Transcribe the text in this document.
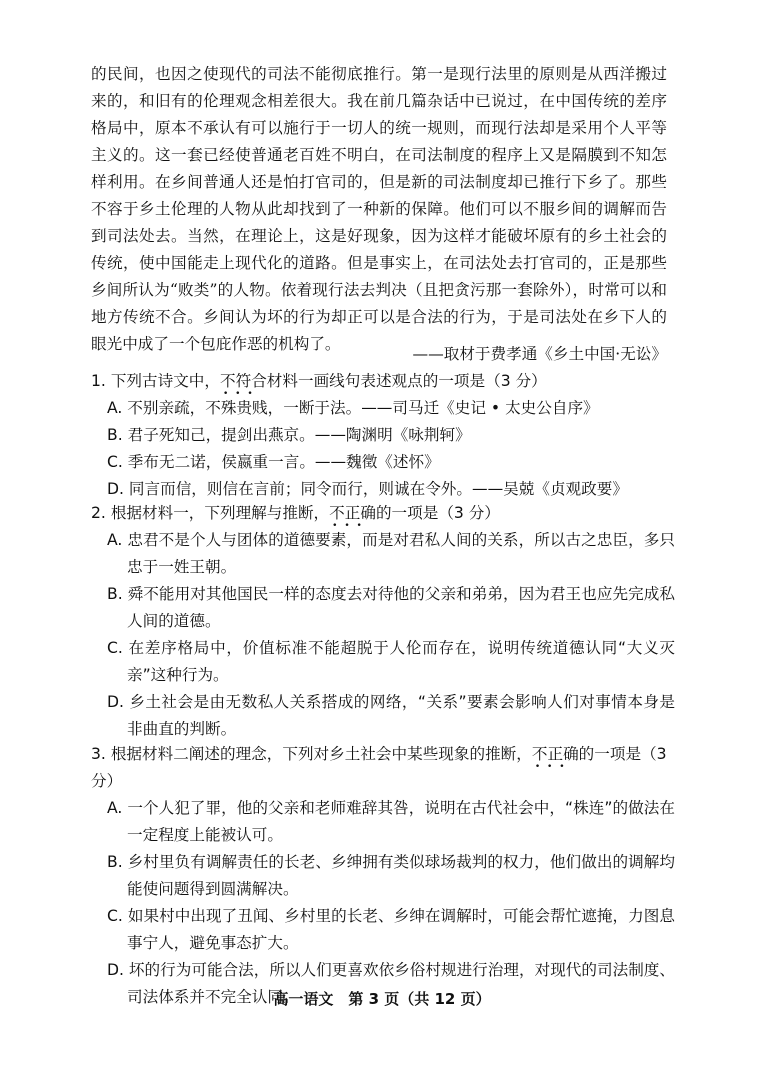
的民间，也因之使现代的司法不能彻底推行。第一是现行法里的原则是从西洋搬过来的，和旧有的伦理观念相差很大。我在前几篇杂话中已说过，在中国传统的差序格局中，原本不承认有可以施行于一切人的统一规则，而现行法却是采用个人平等主义的。这一套已经使普通老百姓不明白，在司法制度的程序上又是隔膜到不知怎样利用。在乡间普通人还是怕打官司的，但是新的司法制度却已推行下乡了。那些不容于乡土伦理的人物从此却找到了一种新的保障。他们可以不服乡间的调解而告到司法处去。当然，在理论上，这是好现象，因为这样才能破坏原有的乡土社会的传统，使中国能走上现代化的道路。但是事实上，在司法处去打官司的，正是那些乡间所认为“败类”的人物。依着现行法去判决（且把贪污那一套除外），时常可以和地方传统不合。乡间认为坏的行为却正可以是合法的行为，于是司法处在乡下人的眼光中成了一个包庇作恶的机构了。

——取材于费孝通《乡土中国·无讼》

1. 下列古诗文中，不符合 • • •材料一画线句表述观点的一项是（3 分）

A. 不别亲疏，不殊贵贱，一断于法。——司马迁《史记 • 太史公自序》

B. 君子死知己，提剑出燕京。——陶渊明《咏荆轲》

C. 季布无二诺，侯嬴重一言。——魏徵《述怀》

D. 同言而信，则信在言前；同令而行，则诚在令外。——吴兢《贞观政要》

2. 根据材料一，下列理解与推断，不正确 • • •的一项是（3 分）

A. 忠君不是个人与团体的道德要素，而是对君私人间的关系，所以古之忠臣，多只忠于一姓王朝。

B. 舜不能用对其他国民一样的态度去对待他的父亲和弟弟，因为君王也应先完成私人间的道德。

C. 在差序格局中，价值标准不能超脱于人伦而存在，说明传统道德认同“大义灭亲”这种行为。

D. 乡土社会是由无数私人关系搭成的网络，“关系”要素会影响人们对事情本身是非曲直的判断。

3. 根据材料二阐述的理念，下列对乡土社会中某些现象的推断，不正确 • • •的一项是（3 分）

A. 一个人犯了罪，他的父亲和老师难辞其咎，说明在古代社会中，“株连”的做法在一定程度上能被认可。

B. 乡村里负有调解责任的长老、乡绅拥有类似球场裁判的权力，他们做出的调解均能使问题得到圆满解决。

C. 如果村中出现了丑闻、乡村里的长老、乡绅在调解时，可能会帮忙遮掩，力图息事宁人，避免事态扩大。

D. 坏的行为可能合法，所以人们更喜欢依乡俗村规进行治理，对现代的司法制度、司法体系并不完全认同。

高一语文　第 3 页（共 12 页）
